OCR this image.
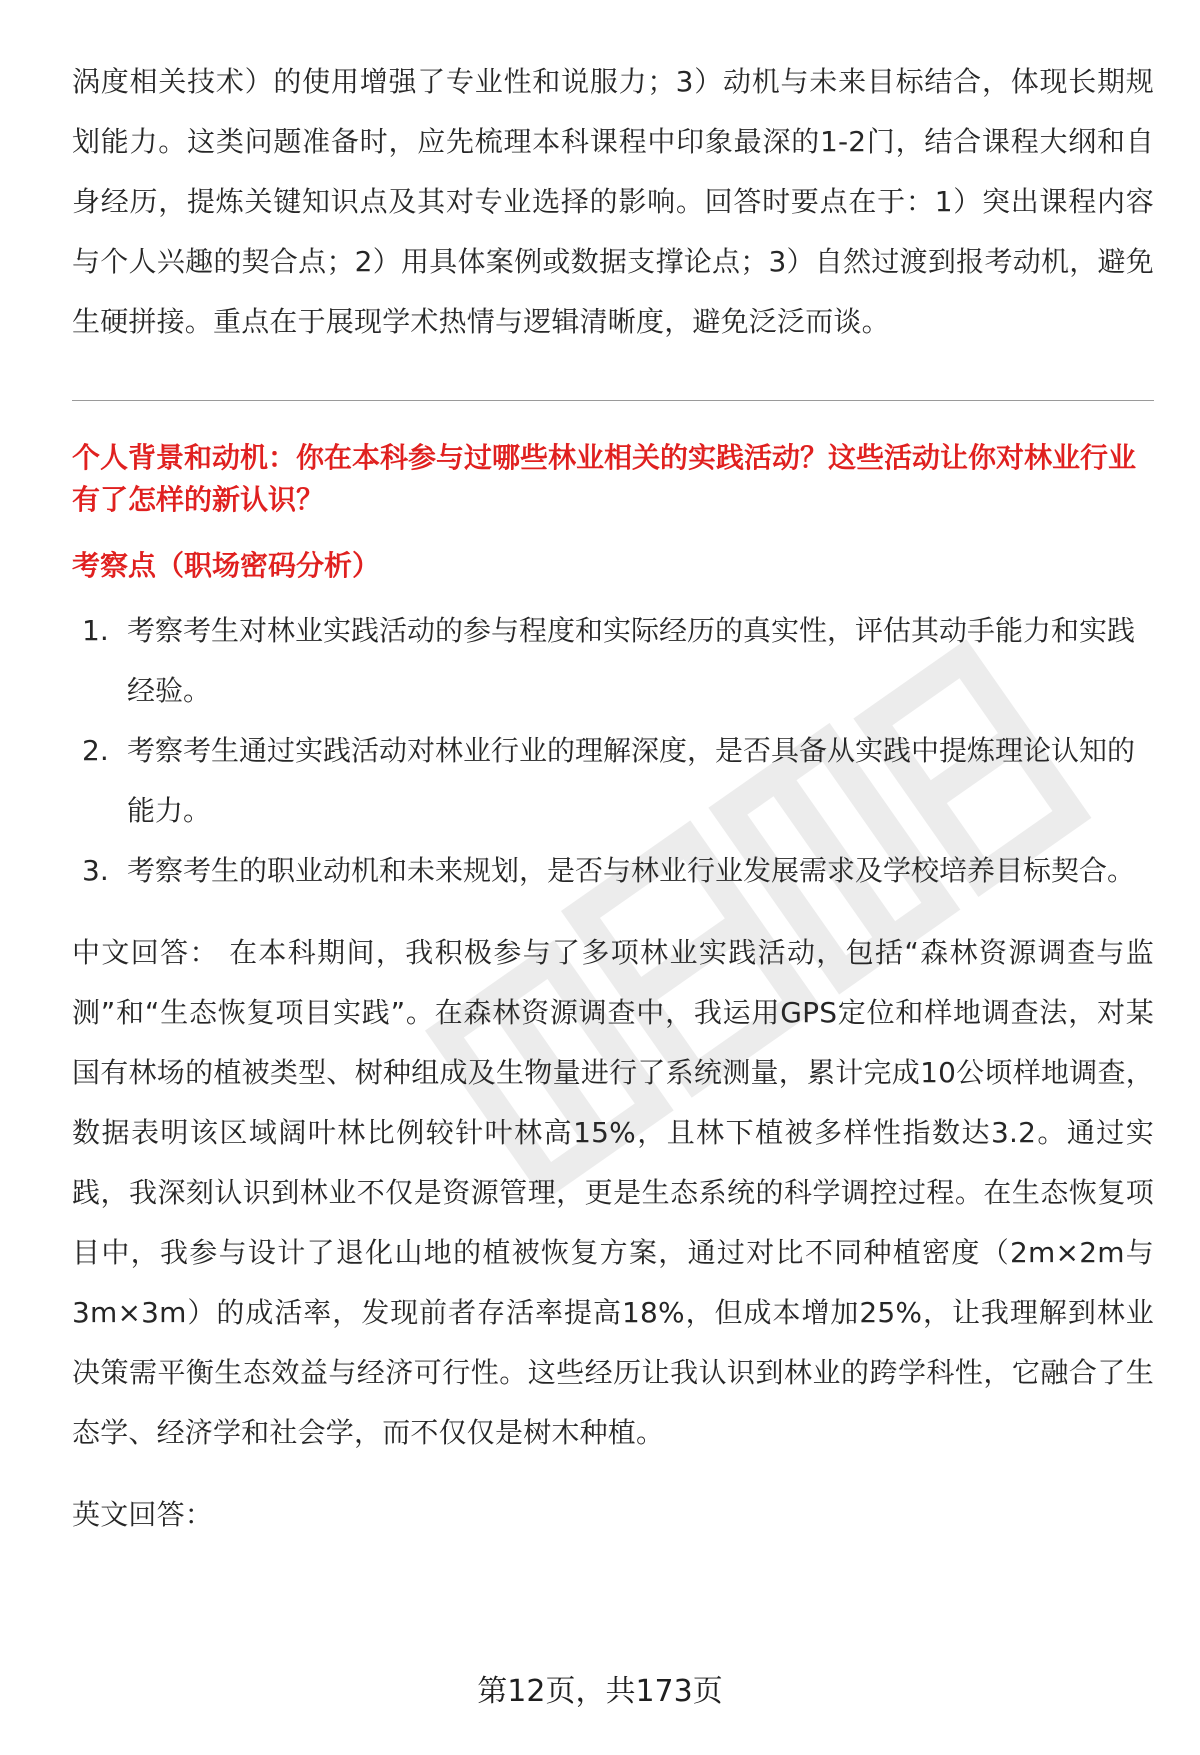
涡度相关技术）的使用增强了专业性和说服力；3）动机与未来目标结合，体现长期规划能力。这类问题准备时，应先梳理本科课程中印象最深的1-2门，结合课程大纲和自身经历，提炼关键知识点及其对专业选择的影响。回答时要点在于：1）突出课程内容与个人兴趣的契合点；2）用具体案例或数据支撑论点；3）自然过渡到报考动机，避免生硬拼接。重点在于展现学术热情与逻辑清晰度，避免泛泛而谈。

个人背景和动机：你在本科参与过哪些林业相关的实践活动？这些活动让你对林业行业有了怎样的新认识？

考察点（职场密码分析）

1. 考察考生对林业实践活动的参与程度和实际经历的真实性，评估其动手能力和实践经验。
2. 考察考生通过实践活动对林业行业的理解深度，是否具备从实践中提炼理论认知的能力。
3. 考察考生的职业动机和未来规划，是否与林业行业发展需求及学校培养目标契合。

中文回答： 在本科期间，我积极参与了多项林业实践活动，包括“森林资源调查与监测”和“生态恢复项目实践”。在森林资源调查中，我运用GPS定位和样地调查法，对某国有林场的植被类型、树种组成及生物量进行了系统测量，累计完成10公顷样地调查，数据表明该区域阔叶林比例较针叶林高15%，且林下植被多样性指数达3.2。通过实践，我深刻认识到林业不仅是资源管理，更是生态系统的科学调控过程。在生态恢复项目中，我参与设计了退化山地的植被恢复方案，通过对比不同种植密度（2m×2m与3m×3m）的成活率，发现前者存活率提高18%，但成本增加25%，让我理解到林业决策需平衡生态效益与经济可行性。这些经历让我认识到林业的跨学科性，它融合了生态学、经济学和社会学，而不仅仅是树木种植。

英文回答：

第12页，共173页
